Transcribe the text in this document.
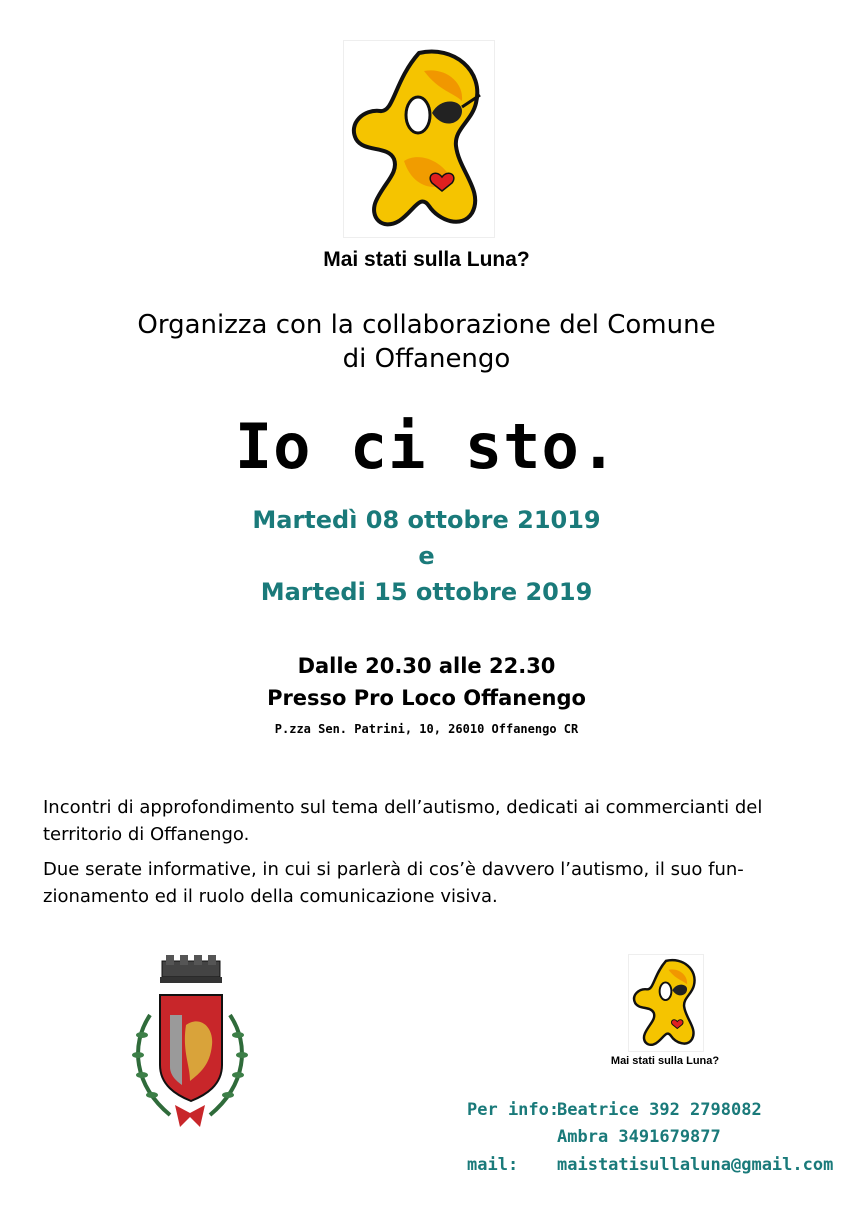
Mai stati sulla Luna?
Organizza con la collaborazione del Comune
di Offanengo
Io ci sto.
Martedì 08 ottobre 21019
e
Martedi 15 ottobre 2019
Dalle 20.30 alle 22.30
Presso Pro Loco Offanengo
P.zza Sen. Patrini, 10, 26010 Offanengo CR
Incontri di approfondimento sul tema dell’autismo, dedicati ai commercianti del territorio di Offanengo.
Due serate informative, in cui si parlerà di cos’è davvero l’autismo, il suo fun-zionamento ed il ruolo della comunicazione visiva.
Mai stati sulla Luna?
Per info:
Beatrice 392 2798082
Ambra 3491679877
mail: maistatisullaluna@gmail.com
